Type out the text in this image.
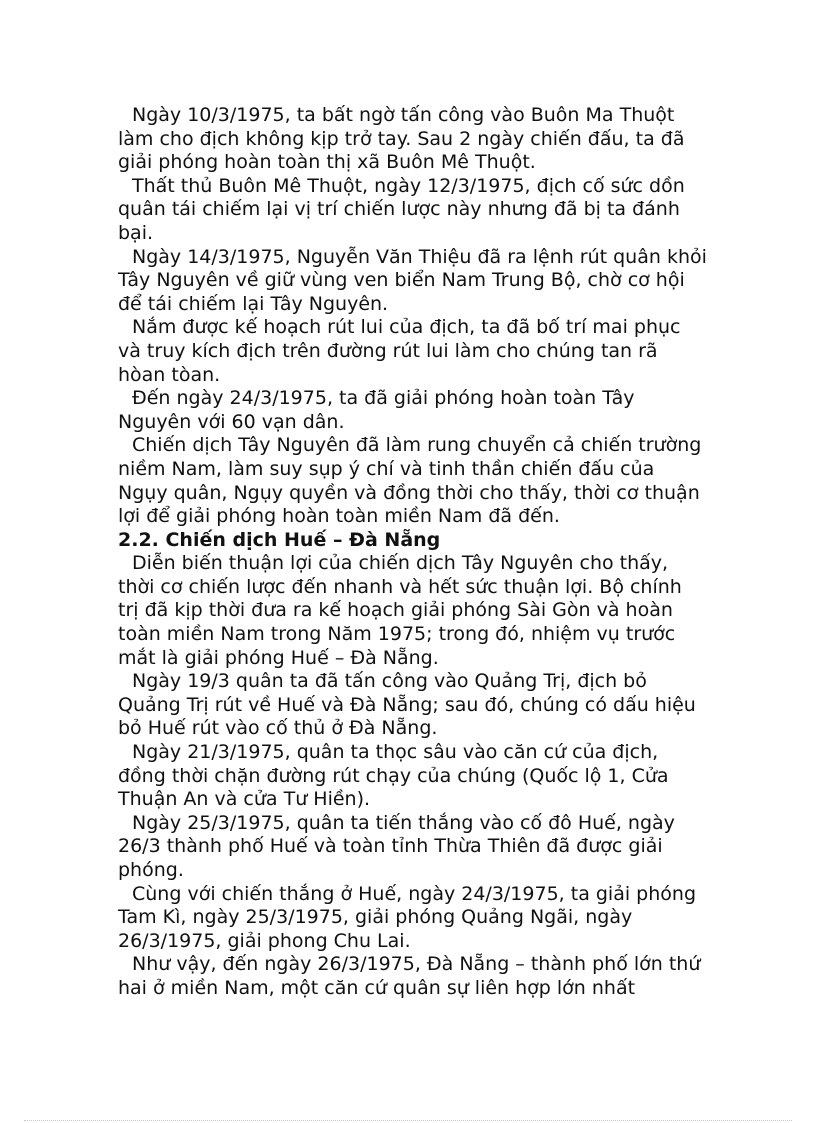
Ngày 10/3/1975, ta bất ngờ tấn công vào Buôn Ma Thuột làm cho địch không kịp trở tay. Sau 2 ngày chiến đấu, ta đã giải phóng hoàn toàn thị xã Buôn Mê Thuột.

Thất thủ Buôn Mê Thuột, ngày 12/3/1975, địch cố sức dồn quân tái chiếm lại vị trí chiến lược này nhưng đã bị ta đánh bại.

Ngày 14/3/1975, Nguyễn Văn Thiệu đã ra lệnh rút quân khỏi Tây Nguyên về giữ vùng ven biển Nam Trung Bộ, chờ cơ hội để tái chiếm lại Tây Nguyên.

Nắm được kế hoạch rút lui của địch, ta đã bố trí mai phục và truy kích địch trên đường rút lui làm cho chúng tan rã hòan tòan.

Đến ngày 24/3/1975, ta đã giải phóng hoàn toàn Tây Nguyên với 60 vạn dân.

Chiến dịch Tây Nguyên đã làm rung chuyển cả chiến trường niềm Nam, làm suy sụp ý chí và tinh thần chiến đấu của Ngụy quân, Ngụy quyền và đồng thời cho thấy, thời cơ thuận lợi để giải phóng hoàn toàn miền Nam đã đến.

2.2. Chiến dịch Huế – Đà Nẵng

Diễn biến thuận lợi của chiến dịch Tây Nguyên cho thấy, thời cơ chiến lược đến nhanh và hết sức thuận lợi. Bộ chính trị đã kịp thời đưa ra kế hoạch giải phóng Sài Gòn và hoàn toàn miền Nam trong Năm 1975; trong đó, nhiệm vụ trước mắt là giải phóng Huế – Đà Nẵng.

Ngày 19/3 quân ta đã tấn công vào Quảng Trị, địch bỏ Quảng Trị rút về Huế và Đà Nẵng; sau đó, chúng có dấu hiệu bỏ Huế rút vào cố thủ ở Đà Nẵng.

Ngày 21/3/1975, quân ta thọc sâu vào căn cứ của địch, đồng thời chặn đường rút chạy của chúng (Quốc lộ 1, Cửa Thuận An và cửa Tư Hiền).

Ngày 25/3/1975, quân ta tiến thắng vào cố đô Huế, ngày 26/3 thành phố Huế và toàn tỉnh Thừa Thiên đã được giải phóng.

Cùng với chiến thắng ở Huế, ngày 24/3/1975, ta giải phóng Tam Kì, ngày 25/3/1975, giải phóng Quảng Ngãi, ngày 26/3/1975, giải phong Chu Lai.

Như vậy, đến ngày 26/3/1975, Đà Nẵng – thành phố lớn thứ hai ở miền Nam, một căn cứ quân sự liên hợp lớn nhất
